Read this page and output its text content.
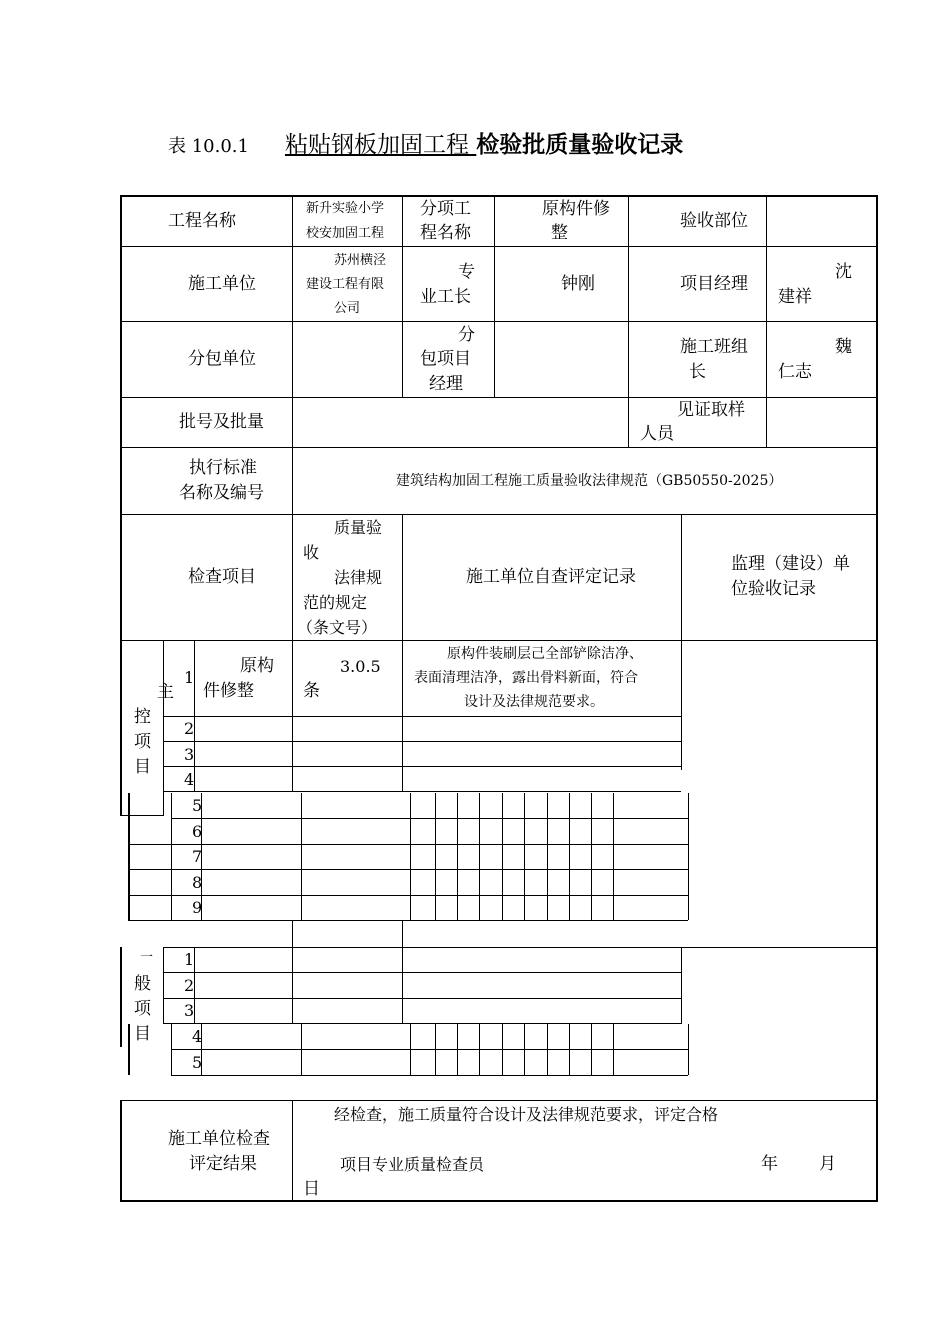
表 10.0.1  粘贴钢板加固工程 检验批质量验收记录
工程名称
新升实验小学
校安加固工程
分项工
程名称
原构件修
整
验收部位
施工单位
苏州横泾
建设工程有限
公司
专
业工长
钟刚	项目经理
沈
建祥
分包单位
分
包项目
经理
施工班组
长
魏
仁志
批号及批量
见证取样
人员
执行标准
名称及编号
建筑结构加固工程施工质量验收法律规范（GB50550-2025）
检查项目
质量验
收
法律规
范的规定
（条文号）
施工单位自查评定记录
监理（建设）单
位验收记录
主
控
项
目
1
2
3
4
5
6
7
8
9
原构
件修整
3.0.5
条
原构件装刷层己全部铲除洁净、
表面清理洁净，露出骨料新面，符合
设计及法律规范要求。
一
般
项
目
1
2
3
4
5
施工单位检查
评定结果
经检查，施工质量符合设计及法律规范要求，评定合格
项目专业质量检查员	年 月
日
